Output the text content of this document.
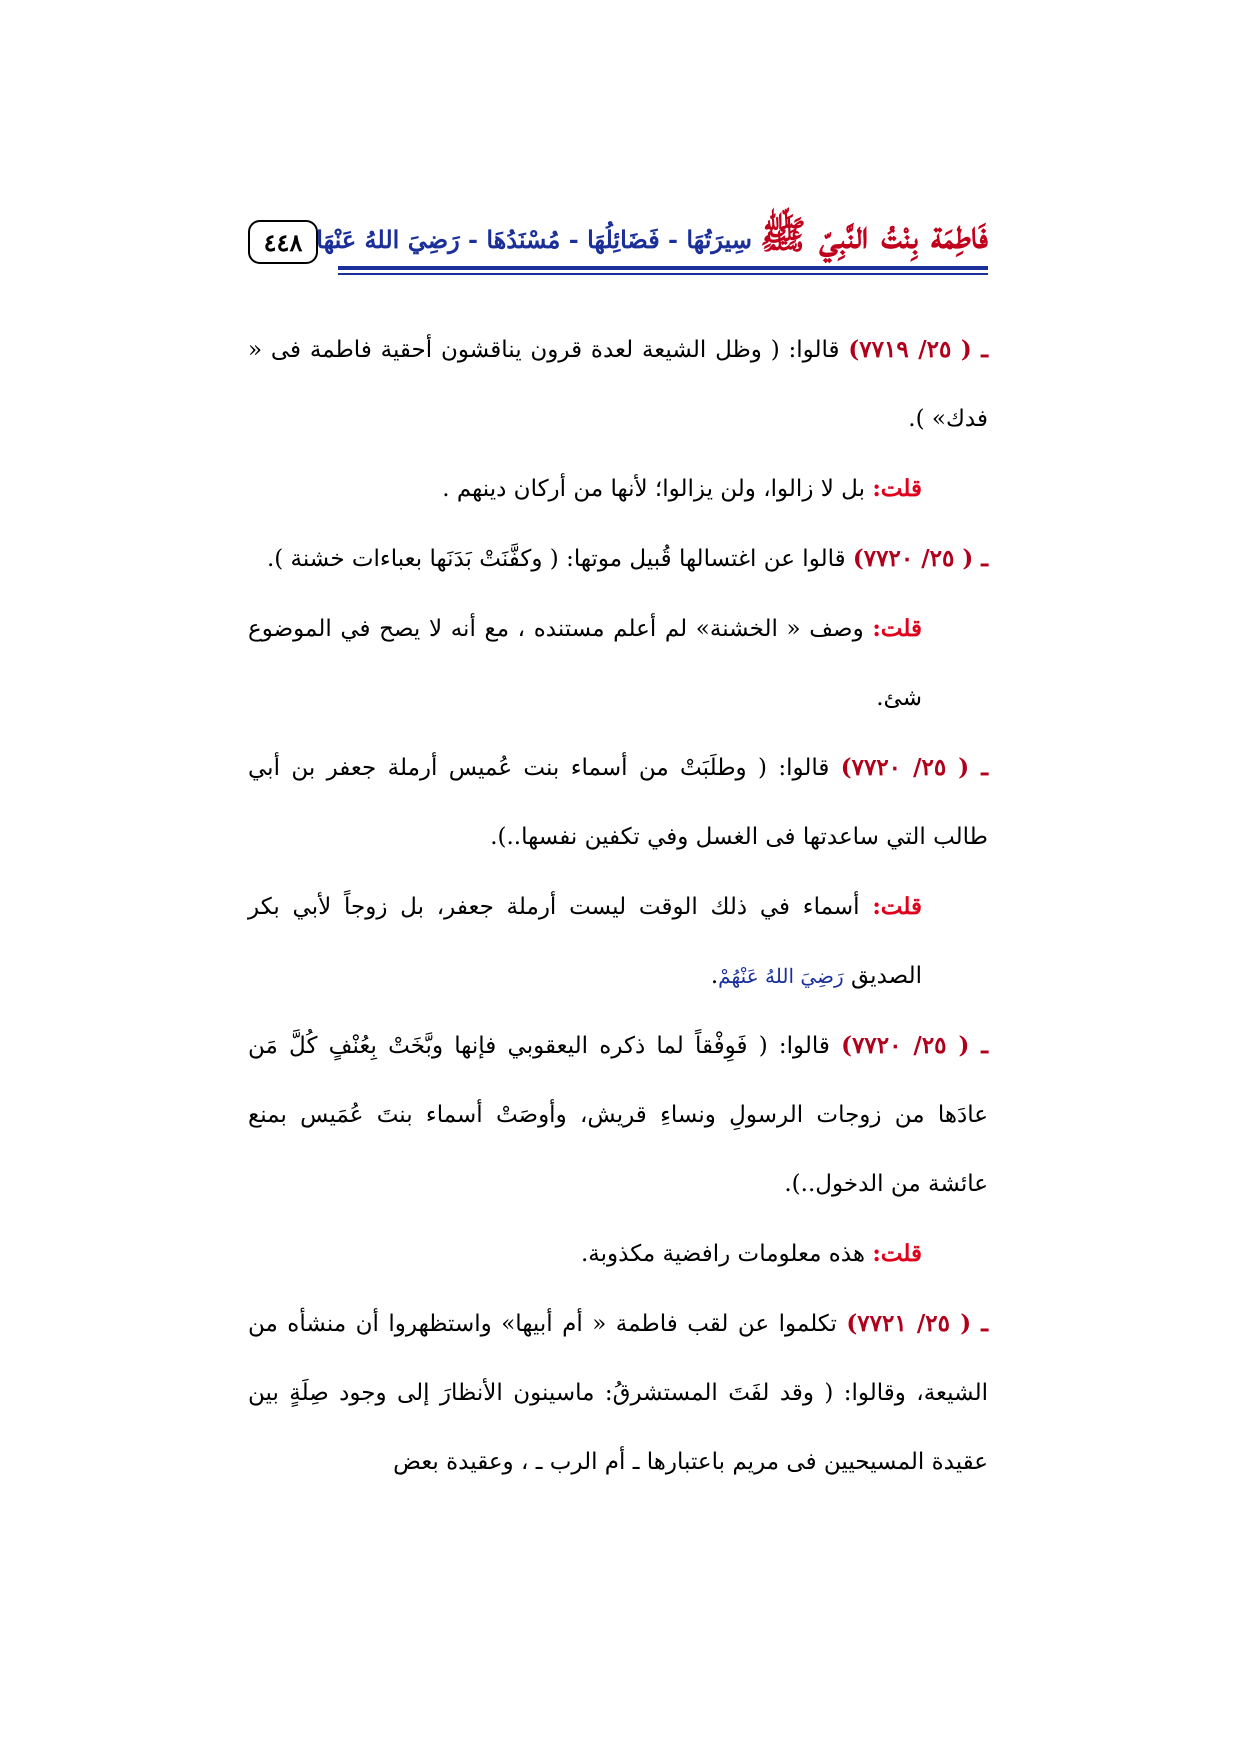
٤٤٨	فَاطِمَة بِنْتُ النَّبِيّ ﷺ
سِيرَتُهَا - فَضَائِلُهَا - مُسْنَدُهَا - رَضِيَ اللهُ عَنْهَا

ـ ( ٢٥/ ٧٧١٩) قالوا: ( وظل الشيعة لعدة قرون يناقشون أحقية فاطمة فى « فدك» ).

قلت: بل لا زالوا، ولن يزالوا؛ لأنها من أركان دينهم .

ـ ( ٢٥/ ٧٧٢٠) قالوا عن اغتسالها قُبيل موتها: ( وكفَّنَتْ بَدَنَها بعباءات خشنة ).

قلت: وصف « الخشنة» لم أعلم مستنده ، مع أنه لا يصح في الموضوع شئ.

ـ ( ٢٥/ ٧٧٢٠) قالوا: ( وطلَبَتْ من أسماء بنت عُميس أرملة جعفر بن أبي طالب التي ساعدتها فى الغسل وفي تكفين نفسها..).

قلت: أسماء في ذلك الوقت ليست أرملة جعفر، بل زوجاً لأبي بكر الصديق رَضِيَ اللهُ عَنْهُمْ.

ـ ( ٢٥/ ٧٧٢٠) قالوا: ( فَوِفْقاً لما ذكره اليعقوبي فإنها وبَّخَتْ بِعُنْفٍ كُلَّ مَن عادَها من زوجات الرسولِ ونساءِ قريش، وأوصَتْ أسماء بنتَ عُمَيس بمنع عائشة من الدخول..).

قلت: هذه معلومات رافضية مكذوبة.

ـ ( ٢٥/ ٧٧٢١) تكلموا عن لقب فاطمة « أم أبيها» واستظهروا أن منشأه من الشيعة، وقالوا: ( وقد لفَتَ المستشرقُ: ماسينون الأنظارَ إلى وجود صِلَةٍ بين عقيدة المسيحيين فى مريم باعتبارها ـ أم الرب ـ ، وعقيدة بعض
